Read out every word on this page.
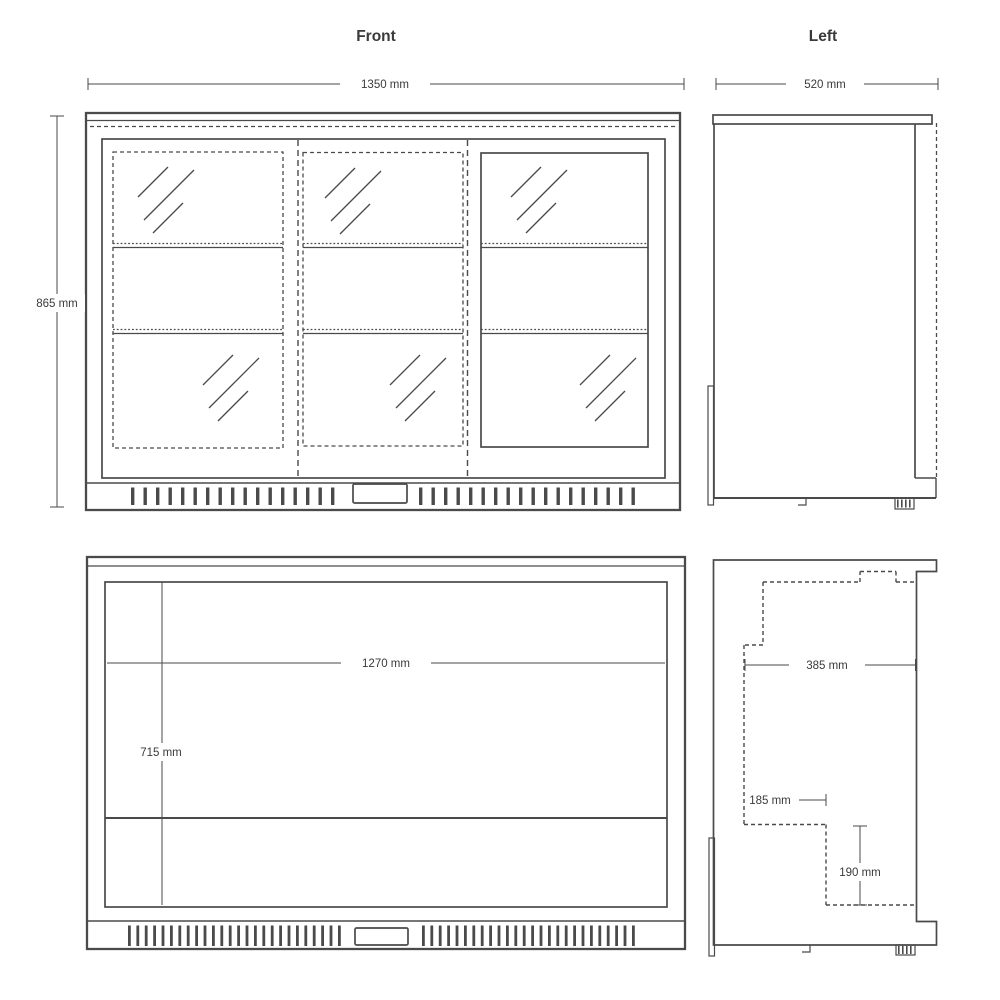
Front	Left
1270 mm
715 mm
385 mm
185 mm
190 mm
1350 mm	520 mm
865 mm
